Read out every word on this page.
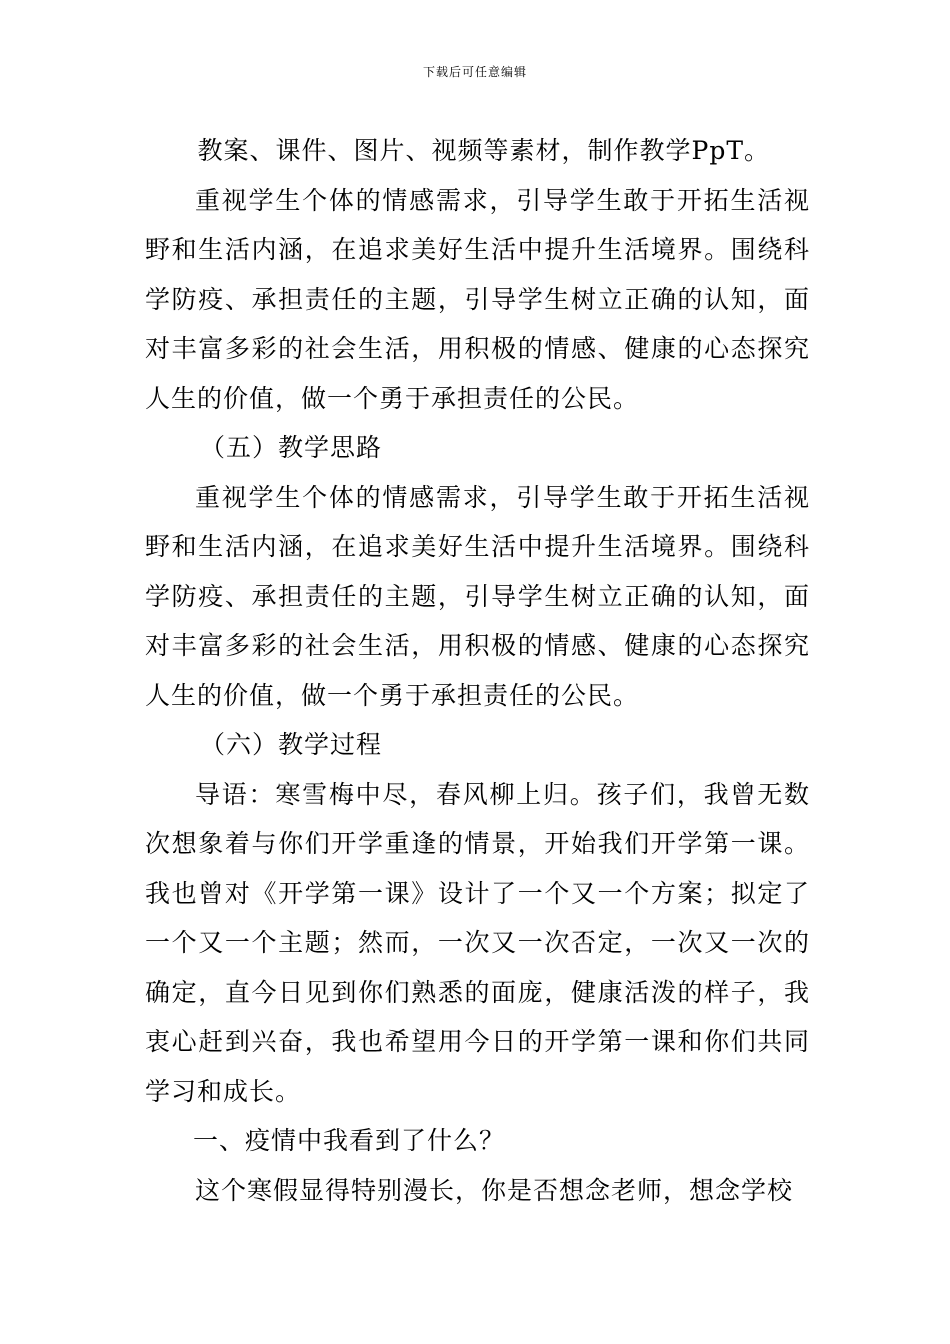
下载后可任意编辑

教案、课件、图片、视频等素材，制作教学PpT。

重视学生个体的情感需求，引导学生敢于开拓生活视野和生活内涵，在追求美好生活中提升生活境界。围绕科学防疫、承担责任的主题，引导学生树立正确的认知，面对丰富多彩的社会生活，用积极的情感、健康的心态探究人生的价值，做一个勇于承担责任的公民。

（五）教学思路

重视学生个体的情感需求，引导学生敢于开拓生活视野和生活内涵，在追求美好生活中提升生活境界。围绕科学防疫、承担责任的主题，引导学生树立正确的认知，面对丰富多彩的社会生活，用积极的情感、健康的心态探究人生的价值，做一个勇于承担责任的公民。

（六）教学过程

导语：寒雪梅中尽，春风柳上归。孩子们，我曾无数次想象着与你们开学重逢的情景，开始我们开学第一课。我也曾对《开学第一课》设计了一个又一个方案；拟定了一个又一个主题；然而，一次又一次否定，一次又一次的确定，直今日见到你们熟悉的面庞，健康活泼的样子，我衷心赶到兴奋，我也希望用今日的开学第一课和你们共同学习和成长。

一、疫情中我看到了什么？

这个寒假显得特别漫长，你是否想念老师，想念学校
